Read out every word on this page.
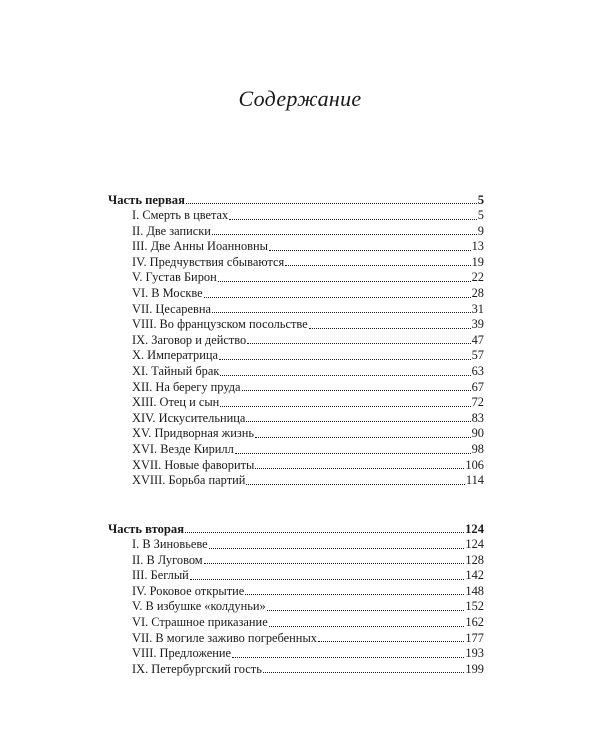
Содержание
Часть первая	5
I. Смерть в цветах	5
II. Две записки	9
III. Две Анны Иоанновны	13
IV. Предчувствия сбываются	19
V. Густав Бирон	22
VI. В Москве	28
VII. Цесаревна	31
VIII. Во французском посольстве	39
IX. Заговор и действо	47
X. Императрица	57
XI. Тайный брак	63
XII. На берегу пруда	67
XIII. Отец и сын	72
XIV. Искусительница	83
XV. Придворная жизнь	90
XVI. Везде Кирилл	98
XVII. Новые фавориты	106
XVIII. Борьба партий	114
Часть вторая	124
I. В Зиновьеве	124
II. В Луговом	128
III. Беглый	142
IV. Роковое открытие	148
V. В избушке «колдуньи»	152
VI. Страшное приказание	162
VII. В могиле заживо погребенных	177
VIII. Предложение	193
IX. Петербургский гость	199
